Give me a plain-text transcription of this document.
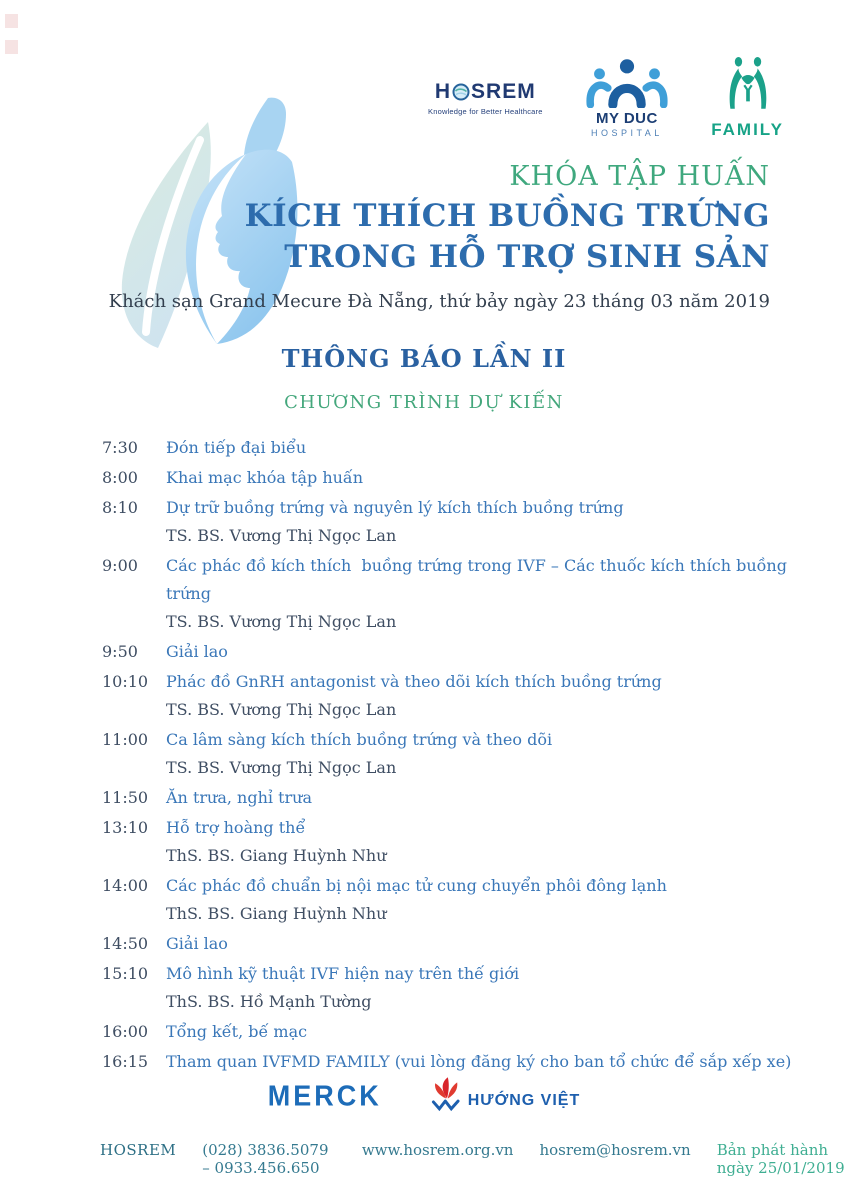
H SREM
Knowledge for Better Healthcare	MY DUC
HOSPITAL	FAMILY
KHÓA TẬP HUẤN
KÍCH THÍCH BUỒNG TRỨNG
TRONG HỖ TRỢ SINH SẢN
Khách sạn Grand Mecure Đà Nẵng, thứ bảy ngày 23 tháng 03 năm 2019
THÔNG BÁO LẦN II
CHƯƠNG TRÌNH DỰ KIẾN
7:30	Đón tiếp đại biểu
8:00	Khai mạc khóa tập huấn
8:10	Dự trữ buồng trứng và nguyên lý kích thích buồng trứng
TS. BS. Vương Thị Ngọc Lan
9:00	Các phác đồ kích thích  buồng trứng trong IVF – Các thuốc kích thích buồng trứng
TS. BS. Vương Thị Ngọc Lan
9:50	Giải lao
10:10	Phác đồ GnRH antagonist và theo dõi kích thích buồng trứng
TS. BS. Vương Thị Ngọc Lan
11:00	Ca lâm sàng kích thích buồng trứng và theo dõi
TS. BS. Vương Thị Ngọc Lan
11:50	Ăn trưa, nghỉ trưa
13:10	Hỗ trợ hoàng thể
ThS. BS. Giang Huỳnh Như
14:00	Các phác đồ chuẩn bị nội mạc tử cung chuyển phôi đông lạnh
ThS. BS. Giang Huỳnh Như
14:50	Giải lao
15:10	Mô hình kỹ thuật IVF hiện nay trên thế giới
ThS. BS. Hồ Mạnh Tường
16:00	Tổng kết, bế mạc
16:15	Tham quan IVFMD FAMILY (vui lòng đăng ký cho ban tổ chức để sắp xếp xe)
MERCK	HƯỚNG VIỆT
HOSREM (028) 3836.5079 – 0933.456.650
www.hosrem.org.vn hosrem@hosrem.vn Bản phát hành ngày 25/01/2019
